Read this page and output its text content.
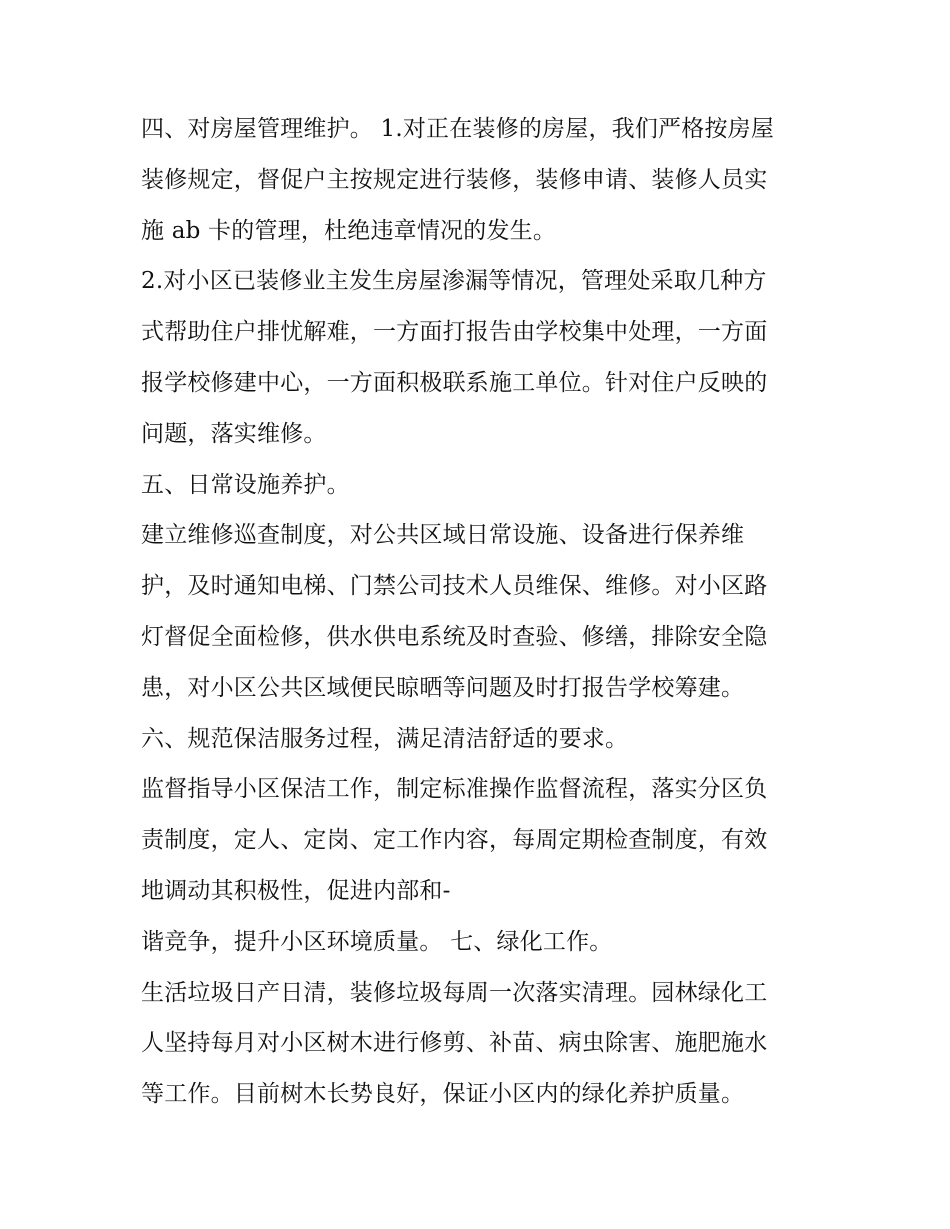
四、对房屋管理维护。 1.对正在装修的房屋，我们严格按房屋
装修规定，督促户主按规定进行装修，装修申请、装修人员实
施 ab 卡的管理，杜绝违章情况的发生。
2.对小区已装修业主发生房屋渗漏等情况，管理处采取几种方
式帮助住户排忧解难，一方面打报告由学校集中处理，一方面
报学校修建中心，一方面积极联系施工单位。针对住户反映的
问题，落实维修。
五、日常设施养护。
建立维修巡查制度，对公共区域日常设施、设备进行保养维
护，及时通知电梯、门禁公司技术人员维保、维修。对小区路
灯督促全面检修，供水供电系统及时查验、修缮，排除安全隐
患，对小区公共区域便民晾晒等问题及时打报告学校筹建。
六、规范保洁服务过程，满足清洁舒适的要求。
监督指导小区保洁工作，制定标准操作监督流程，落实分区负
责制度，定人、定岗、定工作内容，每周定期检查制度，有效
地调动其积极性，促进内部和-
谐竞争，提升小区环境质量。 七、绿化工作。
生活垃圾日产日清，装修垃圾每周一次落实清理。园林绿化工
人坚持每月对小区树木进行修剪、补苗、病虫除害、施肥施水
等工作。目前树木长势良好，保证小区内的绿化养护质量。
